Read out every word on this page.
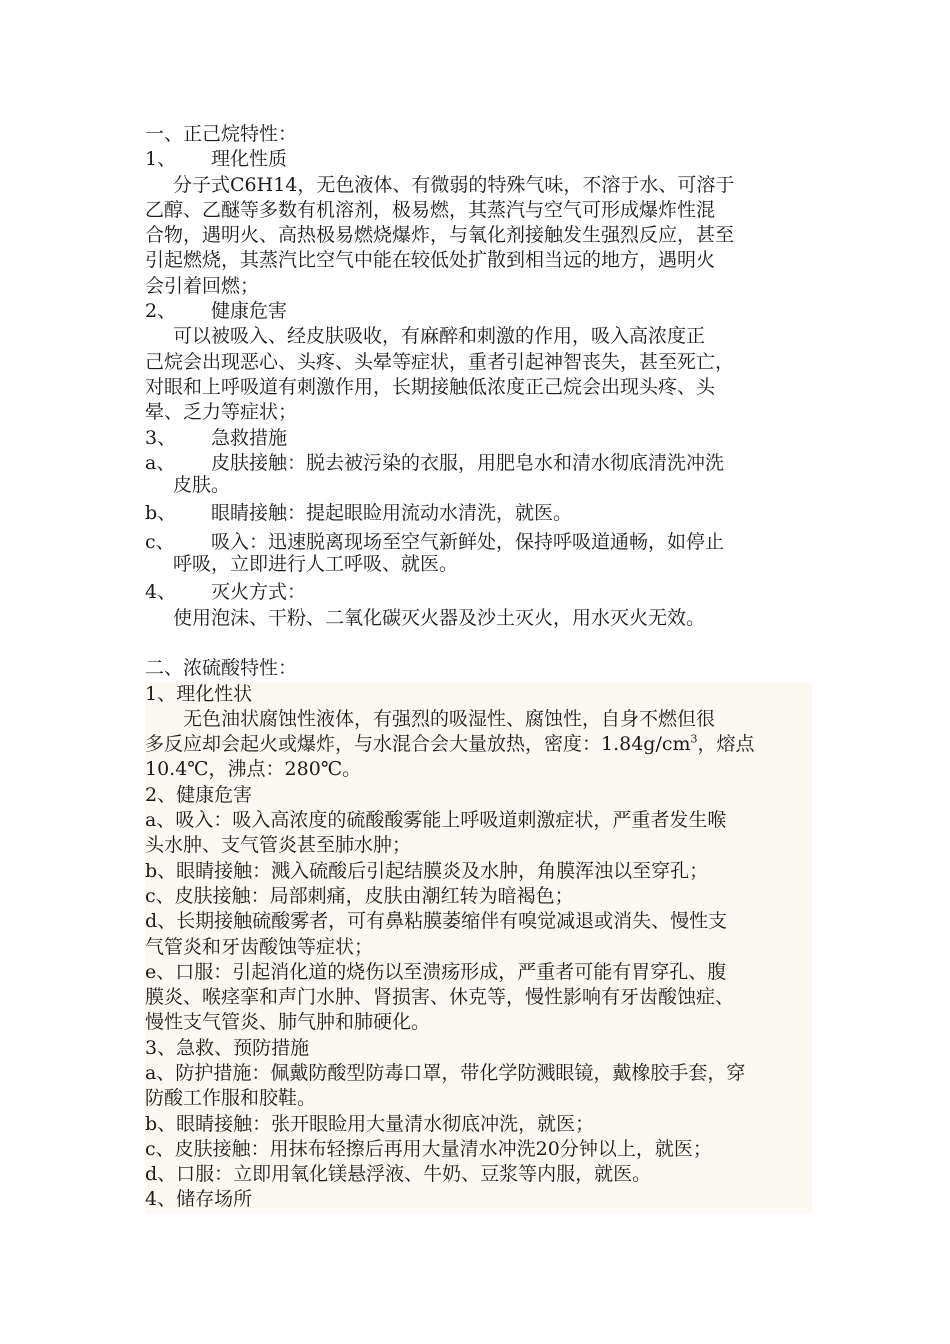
一、正己烷特性：
1、 理化性质
分子式C6H14，无色液体、有微弱的特殊气味，不溶于水、可溶于
乙醇、乙醚等多数有机溶剂，极易燃，其蒸汽与空气可形成爆炸性混
合物，遇明火、高热极易燃烧爆炸，与氧化剂接触发生强烈反应，甚至
引起燃烧，其蒸汽比空气中能在较低处扩散到相当远的地方，遇明火
会引着回燃；
2、 健康危害
可以被吸入、经皮肤吸收，有麻醉和刺激的作用，吸入高浓度正
己烷会出现恶心、头疼、头晕等症状，重者引起神智丧失，甚至死亡，
对眼和上呼吸道有刺激作用，长期接触低浓度正己烷会出现头疼、头
晕、乏力等症状；
3、 急救措施
a、 皮肤接触：脱去被污染的衣服，用肥皂水和清水彻底清洗冲洗
皮肤。
b、 眼睛接触：提起眼睑用流动水清洗，就医。
c、 吸入：迅速脱离现场至空气新鲜处，保持呼吸道通畅，如停止
呼吸，立即进行人工呼吸、就医。
4、 灭火方式：
使用泡沫、干粉、二氧化碳灭火器及沙土灭火，用水灭火无效。
二、浓硫酸特性：
1、理化性状
无色油状腐蚀性液体，有强烈的吸湿性、腐蚀性，自身不燃但很
多反应却会起火或爆炸，与水混合会大量放热，密度：$1.84g/cm^3$，熔点
10.4℃，沸点：280℃。
2、健康危害
a、吸入：吸入高浓度的硫酸酸雾能上呼吸道刺激症状，严重者发生喉
头水肿、支气管炎甚至肺水肿；
b、眼睛接触：溅入硫酸后引起结膜炎及水肿，角膜浑浊以至穿孔；
c、皮肤接触：局部刺痛，皮肤由潮红转为暗褐色；
d、长期接触硫酸雾者，可有鼻粘膜萎缩伴有嗅觉减退或消失、慢性支
气管炎和牙齿酸蚀等症状；
e、口服：引起消化道的烧伤以至溃疡形成，严重者可能有胃穿孔、腹
膜炎、喉痉挛和声门水肿、肾损害、休克等，慢性影响有牙齿酸蚀症、
慢性支气管炎、肺气肿和肺硬化。
3、急救、预防措施
a、防护措施：佩戴防酸型防毒口罩，带化学防溅眼镜，戴橡胶手套，穿
防酸工作服和胶鞋。
b、眼睛接触：张开眼睑用大量清水彻底冲洗，就医；
c、皮肤接触：用抹布轻擦后再用大量清水冲洗20分钟以上，就医；
d、口服：立即用氧化镁悬浮液、牛奶、豆浆等内服，就医。
4、储存场所
